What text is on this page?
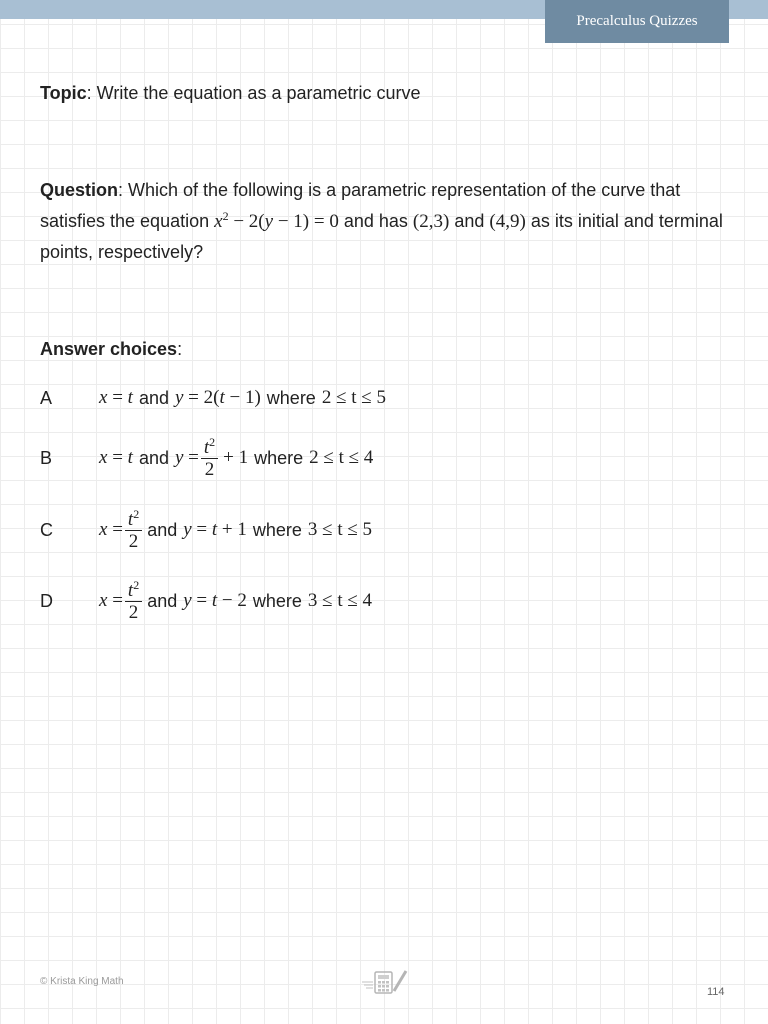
Precalculus Quizzes
Topic: Write the equation as a parametric curve
Question: Which of the following is a parametric representation of the curve that satisfies the equation $x^2 - 2(y - 1) = 0$ and has (2,3) and (4,9) as its initial and terminal points, respectively?
Answer choices:
A	x = t and y = 2(t − 1) where 2 ≤ t ≤ 5
B	x = t and $y = \frac{t^2}{2} + 1$ where 2 ≤ t ≤ 4
C	$x = \frac{t^2}{2}$ and y = t + 1 where 3 ≤ t ≤ 5
D	$x = \frac{t^2}{2}$ and y = t − 2 where 3 ≤ t ≤ 4
© Krista King Math
114
